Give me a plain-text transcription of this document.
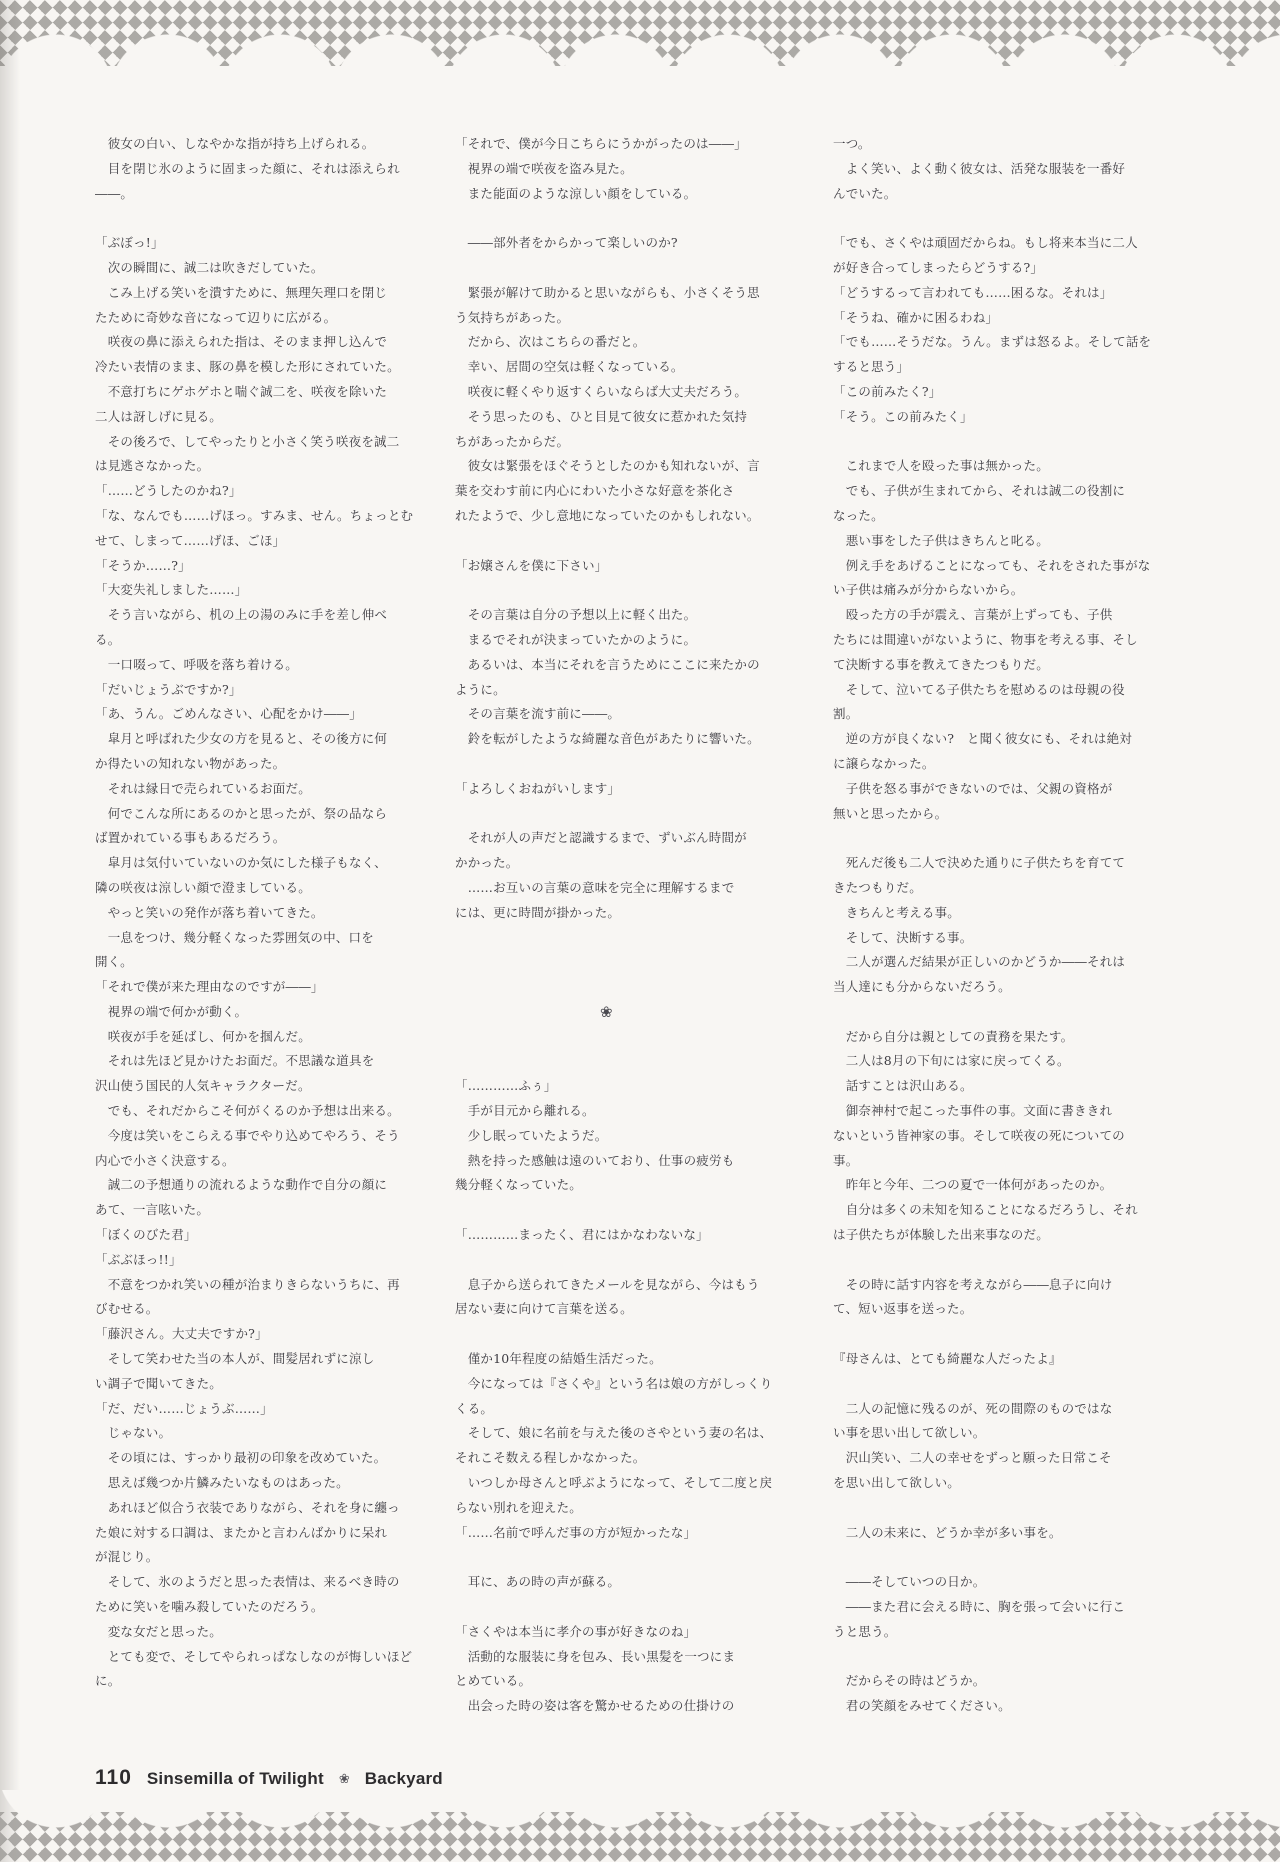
　彼女の白い、しなやかな指が持ち上げられる。
　目を閉じ氷のように固まった顔に、それは添えられ
――。

「ぶぼっ!」
　次の瞬間に、誠二は吹きだしていた。
　こみ上げる笑いを潰すために、無理矢理口を閉じ
たために奇妙な音になって辺りに広がる。
　咲夜の鼻に添えられた指は、そのまま押し込んで
冷たい表情のまま、豚の鼻を模した形にされていた。
　不意打ちにゲホゲホと喘ぐ誠二を、咲夜を除いた
二人は訝しげに見る。
　その後ろで、してやったりと小さく笑う咲夜を誠二
は見逃さなかった。
「……どうしたのかね?」
「な、なんでも……げほっ。すみま、せん。ちょっとむ
せて、しまって……げほ、ごほ」
「そうか……?」
「大変失礼しました……」
　そう言いながら、机の上の湯のみに手を差し伸べ
る。
　一口啜って、呼吸を落ち着ける。
「だいじょうぶですか?」
「あ、うん。ごめんなさい、心配をかけ――」
　皐月と呼ばれた少女の方を見ると、その後方に何
か得たいの知れない物があった。
　それは縁日で売られているお面だ。
　何でこんな所にあるのかと思ったが、祭の品なら
ば置かれている事もあるだろう。
　皐月は気付いていないのか気にした様子もなく、
隣の咲夜は涼しい顔で澄ましている。
　やっと笑いの発作が落ち着いてきた。
　一息をつけ、幾分軽くなった雰囲気の中、口を
開く。
「それで僕が来た理由なのですが――」
　視界の端で何かが動く。
　咲夜が手を延ばし、何かを掴んだ。
　それは先ほど見かけたお面だ。不思議な道具を
沢山使う国民的人気キャラクターだ。
　でも、それだからこそ何がくるのか予想は出来る。
　今度は笑いをこらえる事でやり込めてやろう、そう
内心で小さく決意する。
　誠二の予想通りの流れるような動作で自分の顔に
あて、一言呟いた。
「ぼくのびた君」
「ぶぶほっ!!」
　不意をつかれ笑いの種が治まりきらないうちに、再
びむせる。
「藤沢さん。大丈夫ですか?」
　そして笑わせた当の本人が、間髪居れずに涼し
い調子で聞いてきた。
「だ、だい……じょうぶ……」
　じゃない。
　その頃には、すっかり最初の印象を改めていた。
　思えば幾つか片鱗みたいなものはあった。
　あれほど似合う衣装でありながら、それを身に纏っ
た娘に対する口調は、またかと言わんばかりに呆れ
が混じり。
　そして、氷のようだと思った表情は、来るべき時の
ために笑いを噛み殺していたのだろう。
　変な女だと思った。
　とても変で、そしてやられっぱなしなのが悔しいほど
に。
「それで、僕が今日こちらにうかがったのは――」
　視界の端で咲夜を盗み見た。
　また能面のような涼しい顔をしている。

　――部外者をからかって楽しいのか?

　緊張が解けて助かると思いながらも、小さくそう思
う気持ちがあった。
　だから、次はこちらの番だと。
　幸い、居間の空気は軽くなっている。
　咲夜に軽くやり返すくらいならば大丈夫だろう。
　そう思ったのも、ひと目見て彼女に惹かれた気持
ちがあったからだ。
　彼女は緊張をほぐそうとしたのかも知れないが、言
葉を交わす前に内心にわいた小さな好意を茶化さ
れたようで、少し意地になっていたのかもしれない。

「お嬢さんを僕に下さい」

　その言葉は自分の予想以上に軽く出た。
　まるでそれが決まっていたかのように。
　あるいは、本当にそれを言うためにここに来たかの
ように。
　その言葉を流す前に――。
　鈴を転がしたような綺麗な音色があたりに響いた。

「よろしくおねがいします」

　それが人の声だと認識するまで、ずいぶん時間が
かかった。
　……お互いの言葉の意味を完全に理解するまで
には、更に時間が掛かった。

❀

「…………ふぅ」
　手が目元から離れる。
　少し眠っていたようだ。
　熱を持った感触は遠のいており、仕事の疲労も
幾分軽くなっていた。

「…………まったく、君にはかなわないな」

　息子から送られてきたメールを見ながら、今はもう
居ない妻に向けて言葉を送る。

　僅か10年程度の結婚生活だった。
　今になっては『さくや』という名は娘の方がしっくり
くる。
　そして、娘に名前を与えた後のさやという妻の名は、
それこそ数える程しかなかった。
　いつしか母さんと呼ぶようになって、そして二度と戻
らない別れを迎えた。
「……名前で呼んだ事の方が短かったな」

　耳に、あの時の声が蘇る。

「さくやは本当に孝介の事が好きなのね」
　活動的な服装に身を包み、長い黒髪を一つにま
とめている。
　出会った時の姿は客を驚かせるための仕掛けの
一つ。
　よく笑い、よく動く彼女は、活発な服装を一番好
んでいた。

「でも、さくやは頑固だからね。もし将来本当に二人
が好き合ってしまったらどうする?」
「どうするって言われても……困るな。それは」
「そうね、確かに困るわね」
「でも……そうだな。うん。まずは怒るよ。そして話を
すると思う」
「この前みたく?」
「そう。この前みたく」

　これまで人を殴った事は無かった。
　でも、子供が生まれてから、それは誠二の役割に
なった。
　悪い事をした子供はきちんと叱る。
　例え手をあげることになっても、それをされた事がな
い子供は痛みが分からないから。
　殴った方の手が震え、言葉が上ずっても、子供
たちには間違いがないように、物事を考える事、そし
て決断する事を教えてきたつもりだ。
　そして、泣いてる子供たちを慰めるのは母親の役
割。
　逆の方が良くない?　と聞く彼女にも、それは絶対
に譲らなかった。
　子供を怒る事ができないのでは、父親の資格が
無いと思ったから。

　死んだ後も二人で決めた通りに子供たちを育てて
きたつもりだ。
　きちんと考える事。
　そして、決断する事。
　二人が選んだ結果が正しいのかどうか――それは
当人達にも分からないだろう。

　だから自分は親としての責務を果たす。
　二人は8月の下旬には家に戻ってくる。
　話すことは沢山ある。
　御奈神村で起こった事件の事。文面に書ききれ
ないという皆神家の事。そして咲夜の死についての
事。
　昨年と今年、二つの夏で一体何があったのか。
　自分は多くの未知を知ることになるだろうし、それ
は子供たちが体験した出来事なのだ。

　その時に話す内容を考えながら――息子に向け
て、短い返事を送った。

『母さんは、とても綺麗な人だったよ』

　二人の記憶に残るのが、死の間際のものではな
い事を思い出して欲しい。
　沢山笑い、二人の幸せをずっと願った日常こそ
を思い出して欲しい。

　二人の未来に、どうか幸が多い事を。

　――そしていつの日か。
　――また君に会える時に、胸を張って会いに行こ
うと思う。

　だからその時はどうか。
　君の笑顔をみせてください。
110 Sinsemilla of Twilight ❀ Backyard
